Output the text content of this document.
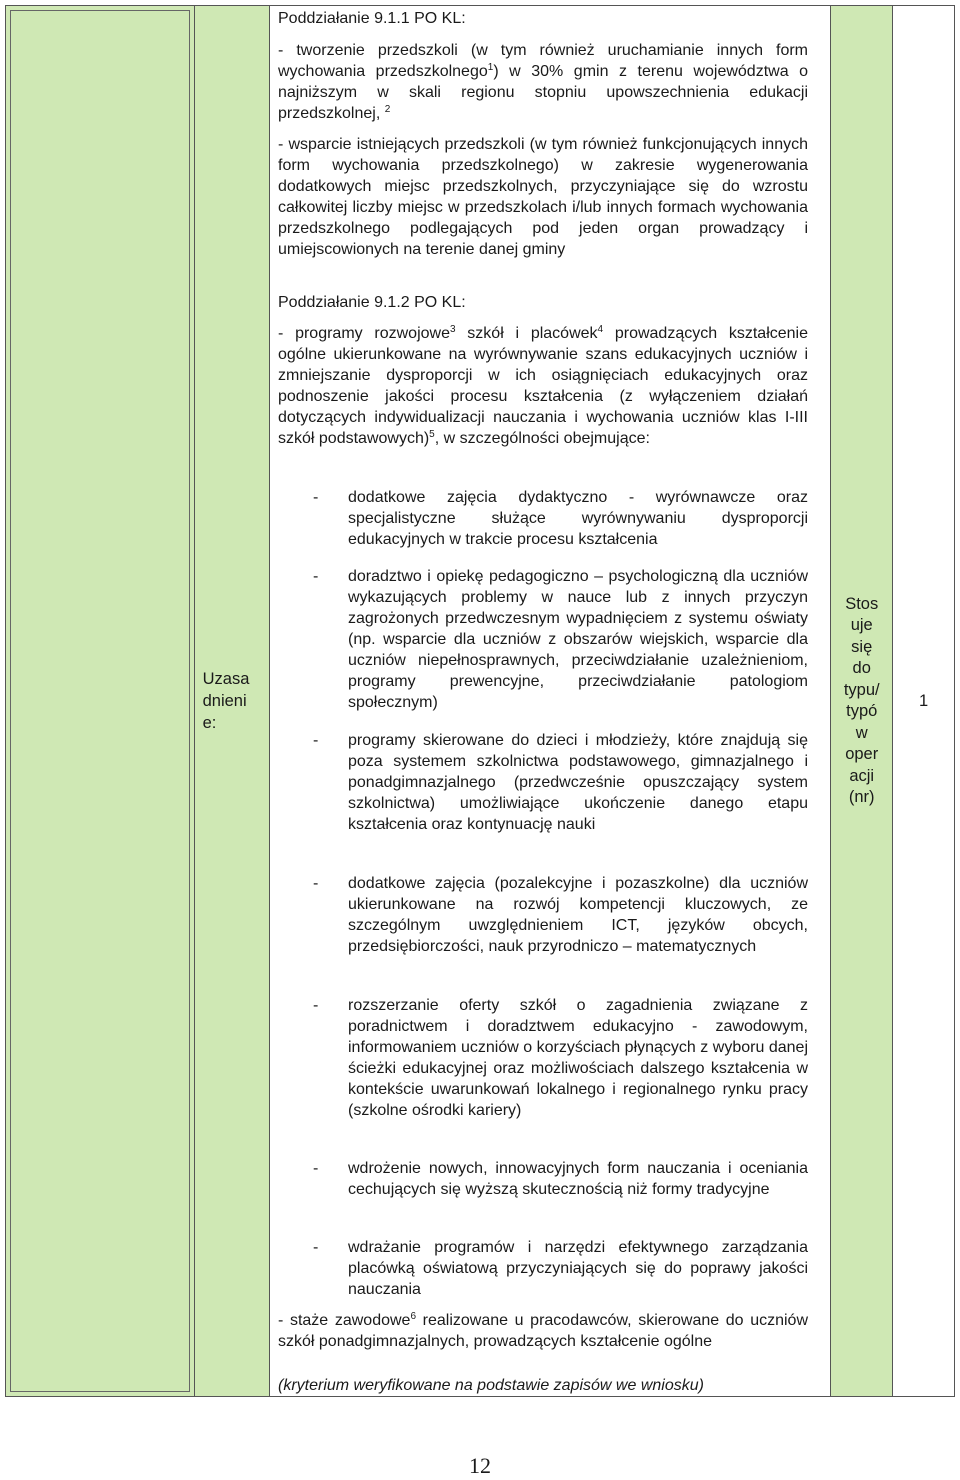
Uzasa
dnieni
e:
Stos
uje
się
do
typu/
typó
w
oper
acji
(nr)
1
Poddziałanie 9.1.1 PO KL:
- tworzenie przedszkoli (w tym również uruchamianie innych form wychowania przedszkolnego$^1$) w 30% gmin z terenu województwa o najniższym w skali regionu stopniu upowszechnienia edukacji przedszkolnej, $^2$
- wsparcie istniejących przedszkoli (w tym również funkcjonujących innych form wychowania przedszkolnego) w zakresie wygenerowania dodatkowych miejsc przedszkolnych, przyczyniające się do wzrostu całkowitej liczby miejsc w przedszkolach i/lub innych formach wychowania przedszkolnego podlegających pod jeden organ prowadzący i umiejscowionych na terenie danej gminy
Poddziałanie 9.1.2 PO KL:
- programy rozwojowe$^3$ szkół i placówek$^4$ prowadzących kształcenie ogólne ukierunkowane na wyrównywanie szans edukacyjnych uczniów i zmniejszanie dysproporcji w ich osiągnięciach edukacyjnych oraz podnoszenie jakości procesu kształcenia (z wyłączeniem działań dotyczących indywidualizacji nauczania i wychowania uczniów klas I-III szkół podstawowych)$^5$, w szczególności obejmujące:
- dodatkowe zajęcia dydaktyczno - wyrównawcze oraz specjalistyczne służące wyrównywaniu dysproporcji edukacyjnych w trakcie procesu kształcenia
- doradztwo i opiekę pedagogiczno – psychologiczną dla uczniów wykazujących problemy w nauce lub z innych przyczyn zagrożonych przedwczesnym wypadnięciem z systemu oświaty (np. wsparcie dla uczniów z obszarów wiejskich, wsparcie dla uczniów niepełnosprawnych, przeciwdziałanie uzależnieniom, programy prewencyjne, przeciwdziałanie patologiom społecznym)
- programy skierowane do dzieci i młodzieży, które znajdują się poza systemem szkolnictwa podstawowego, gimnazjalnego i ponadgimnazjalnego (przedwcześnie opuszczający system szkolnictwa) umożliwiające ukończenie danego etapu kształcenia oraz kontynuację nauki
- dodatkowe zajęcia (pozalekcyjne i pozaszkolne) dla uczniów ukierunkowane na rozwój kompetencji kluczowych, ze szczególnym uwzględnieniem ICT, języków obcych, przedsiębiorczości, nauk przyrodniczo – matematycznych
- rozszerzanie oferty szkół o zagadnienia związane z poradnictwem i doradztwem edukacyjno - zawodowym, informowaniem uczniów o korzyściach płynących z wyboru danej ścieżki edukacyjnej oraz możliwościach dalszego kształcenia w kontekście uwarunkowań lokalnego i regionalnego rynku pracy (szkolne ośrodki kariery)
- wdrożenie nowych, innowacyjnych form nauczania i oceniania cechujących się wyższą skutecznością niż formy tradycyjne
- wdrażanie programów i narzędzi efektywnego zarządzania placówką oświatową przyczyniających się do poprawy jakości nauczania
- staże zawodowe$^6$ realizowane u pracodawców, skierowane do uczniów szkół ponadgimnazjalnych, prowadzących kształcenie ogólne
(kryterium weryfikowane na podstawie zapisów we wniosku)
12
